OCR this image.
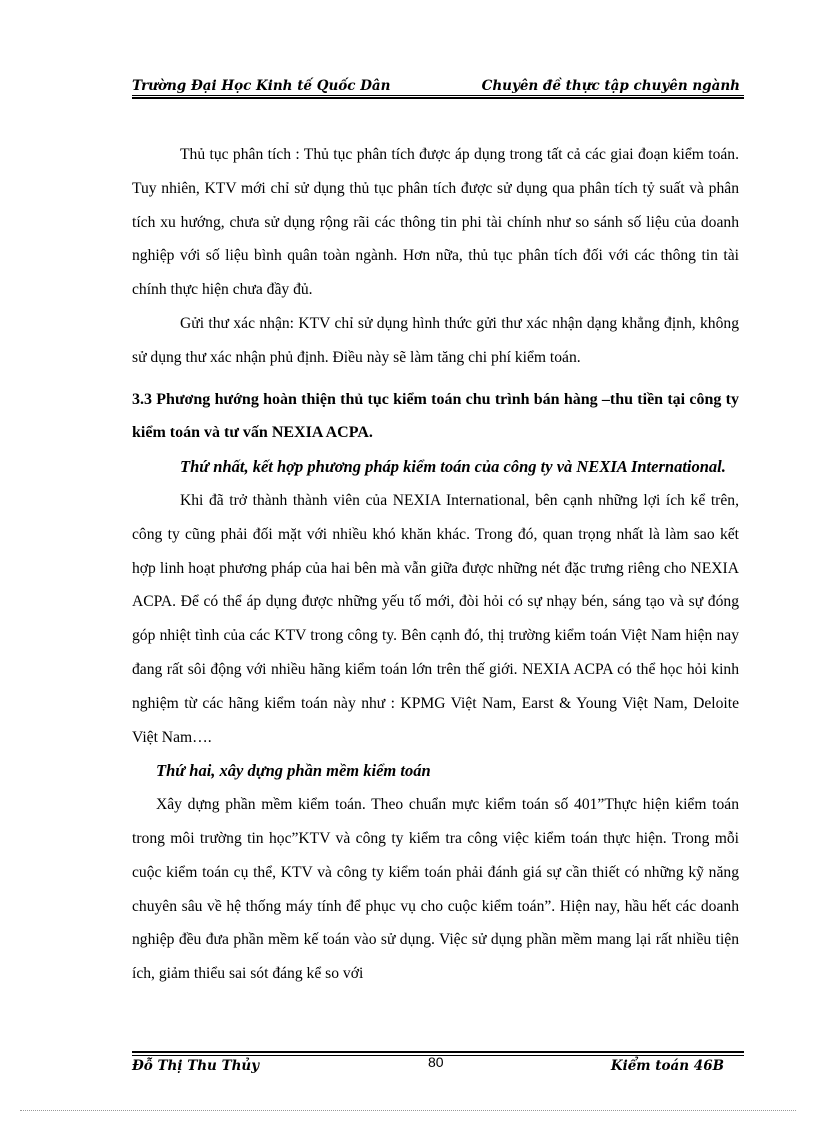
Trường Đại Học Kinh tế Quốc Dân	Chuyên đề thực tập chuyên ngành

Thủ tục phân tích : Thủ tục phân tích được áp dụng trong tất cả các giai đoạn kiểm toán. Tuy nhiên, KTV mới chỉ sử dụng thủ tục phân tích được sử dụng qua phân tích tỷ suất và phân tích xu hướng, chưa sử dụng rộng rãi các thông tin phi tài chính như so sánh số liệu của doanh nghiệp với số liệu bình quân toàn ngành. Hơn nữa, thủ tục phân tích đối với các thông tin tài chính thực hiện chưa đầy đủ.

Gửi thư xác nhận: KTV chỉ sử dụng hình thức gửi thư xác nhận dạng khẳng định, không sử dụng thư xác nhận phủ định. Điều này sẽ làm tăng chi phí kiểm toán.

3.3 Phương hướng hoàn thiện thủ tục kiểm toán chu trình bán hàng –thu tiền tại công ty kiểm toán và tư vấn NEXIA ACPA.

Thứ nhất, kết hợp phương pháp kiểm toán của công ty và NEXIA International.

Khi đã trở thành thành viên của NEXIA International, bên cạnh những lợi ích kể trên, công ty cũng phải đối mặt với nhiều khó khăn khác. Trong đó, quan trọng nhất là làm sao kết hợp linh hoạt phương pháp của hai bên mà vẫn giữa được những nét đặc trưng riêng cho NEXIA ACPA. Để có thể áp dụng được những yếu tố mới, đòi hỏi có sự nhạy bén, sáng tạo và sự đóng góp nhiệt tình của các KTV trong công ty. Bên cạnh đó, thị trường kiểm toán Việt Nam hiện nay đang rất sôi động với nhiều hãng kiểm toán lớn trên thế giới. NEXIA ACPA có thể học hỏi kinh nghiệm từ các hãng kiểm toán này như : KPMG Việt Nam, Earst & Young Việt Nam, Deloite Việt Nam….

Thứ hai, xây dựng phần mềm kiểm toán

Xây dựng phần mềm kiểm toán. Theo chuẩn mực kiểm toán số 401”Thực hiện kiểm toán trong môi trường tin học”KTV và công ty kiểm tra công việc kiểm toán thực hiện. Trong mỗi cuộc kiểm toán cụ thể, KTV và công ty kiểm toán phải đánh giá sự cần thiết có những kỹ năng chuyên sâu về hệ thống máy tính để phục vụ cho cuộc kiểm toán”. Hiện nay, hầu hết các doanh nghiệp đều đưa phần mềm kế toán vào sử dụng. Việc sử dụng phần mềm mang lại rất nhiều tiện ích, giảm thiểu sai sót đáng kể so với

Đỗ Thị Thu Thủy	80	Kiểm toán 46B
